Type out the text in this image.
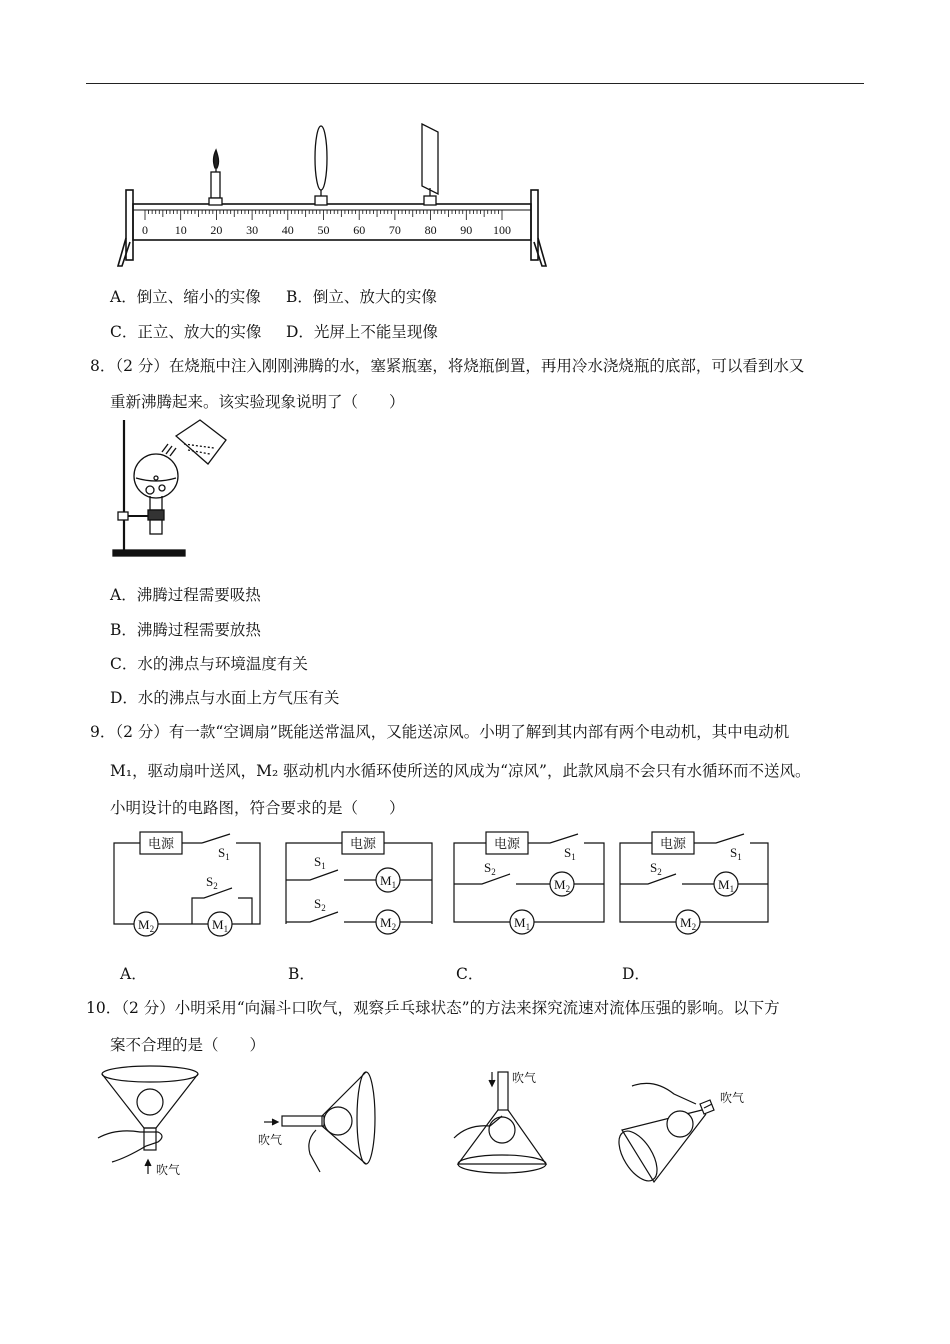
0 10 20 30 40 50 60 70 80 90 100
A．倒立、缩小的实像 B．倒立、放大的实像
C．正立、放大的实像 D．光屏上不能呈现像
8．（2 分）在烧瓶中注入刚刚沸腾的水，塞紧瓶塞，将烧瓶倒置，再用冷水浇烧瓶的底部，可以看到水又
重新沸腾起来。该实验现象说明了（　　）
A．沸腾过程需要吸热
B．沸腾过程需要放热
C．水的沸点与环境温度有关
D．水的沸点与水面上方气压有关
9．（2 分）有一款“空调扇”既能送常温风，又能送凉风。小明了解到其内部有两个电动机，其中电动机
M₁，驱动扇叶送风，M₂ 驱动机内水循环使所送的风成为“凉风”，此款风扇不会只有水循环而不送风。
小明设计的电路图，符合要求的是（　　）
电源
$S_1$
$S_2$
$M_2$	$M_1$
电源
$S_1$
$S_2$
$M_1$
$M_2$
电源
$S_1$
$S_2$
$M_2$
$M_1$
电源
$S_1$
$S_2$
$M_1$
$M_2$
A．	B．	C．	D．
10．（2 分）小明采用“向漏斗口吹气，观察乒乓球状态”的方法来探究流速对流体压强的影响。以下方
案不合理的是（　　）
吹气
吹气
吹气
吹气
